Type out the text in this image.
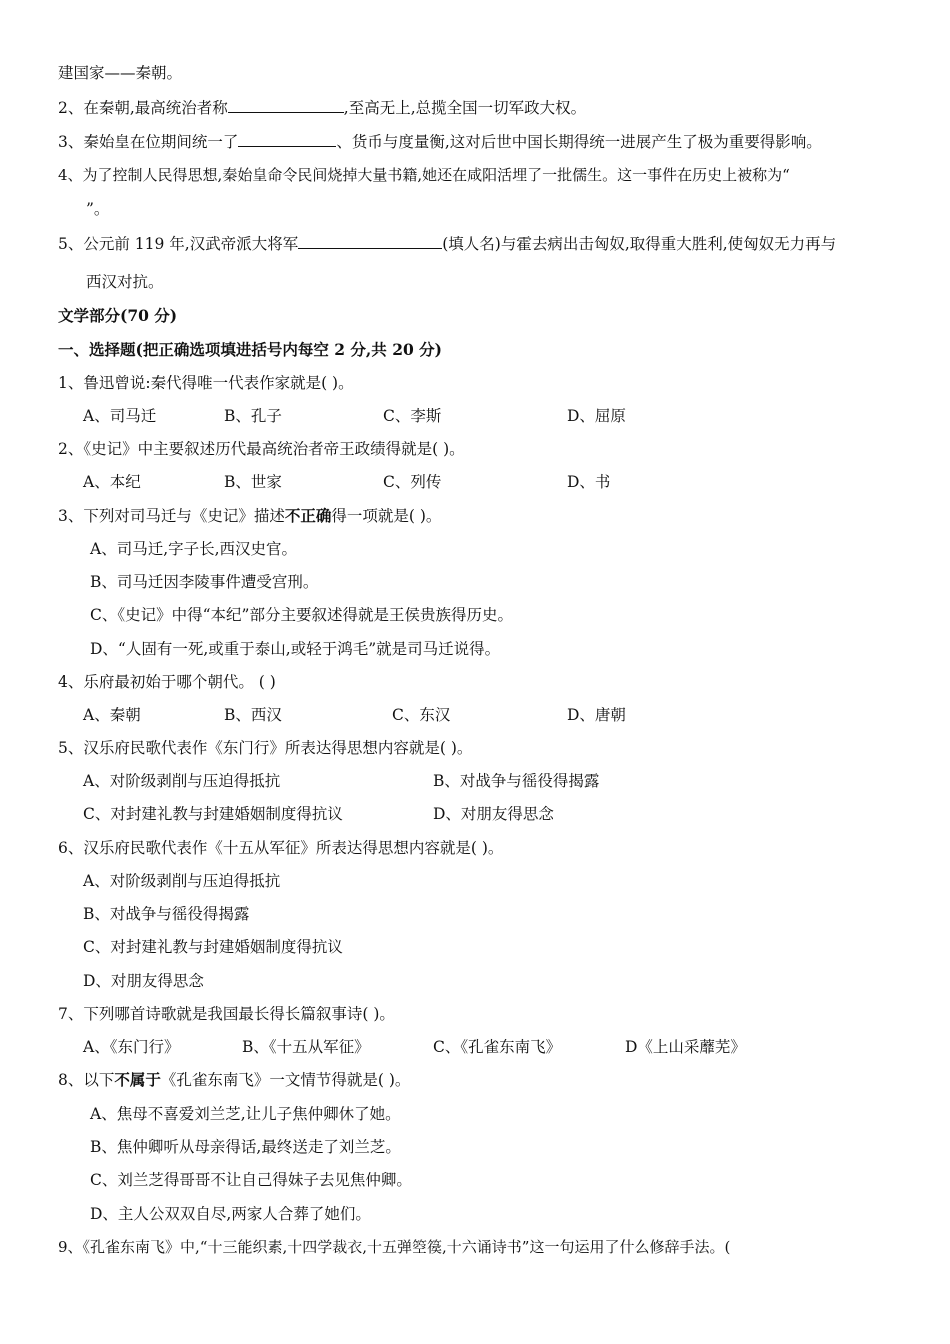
建国家——秦朝。
2、在秦朝,最高统治者称	,至高无上,总揽全国一切军政大权。
3、秦始皇在位期间统一了	、货币与度量衡,这对后世中国长期得统一进展产生了极为重要得影响。
4、为了控制人民得思想,秦始皇命令民间烧掉大量书籍,她还在咸阳活埋了一批儒生。这一事件在历史上被称为“
”。
5、公元前 119 年,汉武帝派大将军	(填人名)与霍去病出击匈奴,取得重大胜利,使匈奴无力再与
西汉对抗。
文学部分(70 分)
一、选择题(把正确选项填进括号内每空 2 分,共 20 分)
1、鲁迅曾说:秦代得唯一代表作家就是( )。
A、司马迁	B、孔子	C、李斯	D、屈原
2、《史记》中主要叙述历代最高统治者帝王政绩得就是( )。
A、本纪	B、世家	C、列传	D、书
3、下列对司马迁与《史记》描述不正确得一项就是( )。
A、司马迁,字子长,西汉史官。
B、司马迁因李陵事件遭受宫刑。
C、《史记》中得“本纪”部分主要叙述得就是王侯贵族得历史。
D、“人固有一死,或重于泰山,或轻于鸿毛”就是司马迁说得。
4、乐府最初始于哪个朝代。 ( )
A、秦朝	B、西汉	C、东汉	D、唐朝
5、汉乐府民歌代表作《东门行》所表达得思想内容就是( )。
A、对阶级剥削与压迫得抵抗	B、对战争与徭役得揭露
C、对封建礼教与封建婚姻制度得抗议	D、对朋友得思念
6、汉乐府民歌代表作《十五从军征》所表达得思想内容就是( )。
A、对阶级剥削与压迫得抵抗
B、对战争与徭役得揭露
C、对封建礼教与封建婚姻制度得抗议
D、对朋友得思念
7、下列哪首诗歌就是我国最长得长篇叙事诗( )。
A、《东门行》	B、《十五从军征》	C、《孔雀东南飞》	D《上山采蘼芜》
8、以下不属于《孔雀东南飞》一文情节得就是( )。
A、焦母不喜爱刘兰芝,让儿子焦仲卿休了她。
B、焦仲卿听从母亲得话,最终送走了刘兰芝。
C、刘兰芝得哥哥不让自己得妹子去见焦仲卿。
D、主人公双双自尽,两家人合葬了她们。
9、《孔雀东南飞》中,“十三能织素,十四学裁衣,十五弹箜篌,十六诵诗书”这一句运用了什么修辞手法。(
